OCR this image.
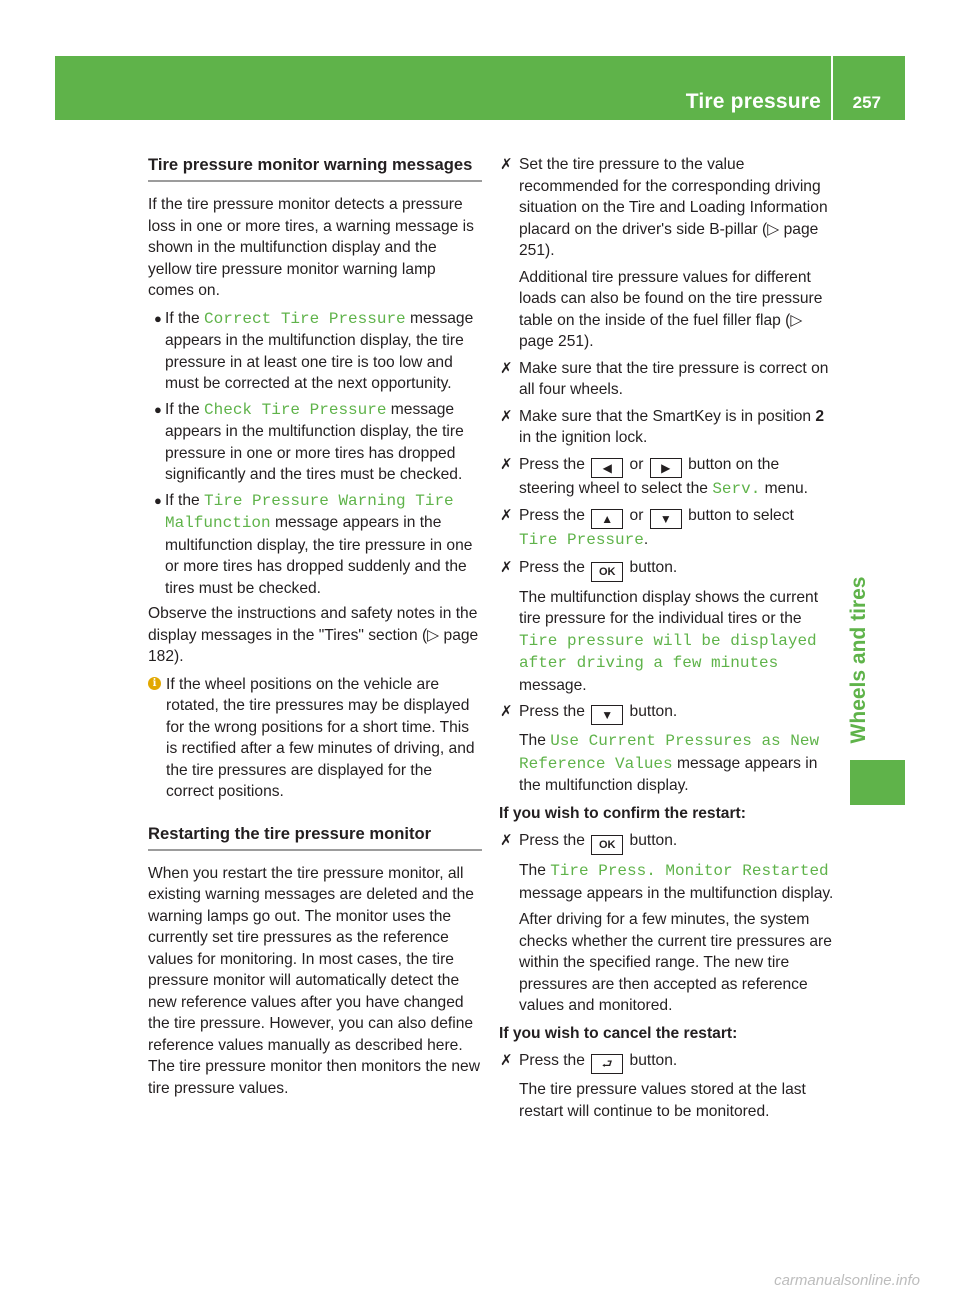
Tire pressure 257
Wheels and tires
Tire pressure monitor warning messages

If the tire pressure monitor detects a pressure loss in one or more tires, a warning message is shown in the multifunction display and the yellow tire pressure monitor warning lamp comes on.

● If the Correct Tire Pressure message appears in the multifunction display, the tire pressure in at least one tire is too low and must be corrected at the next opportunity.
● If the Check Tire Pressure message appears in the multifunction display, the tire pressure in one or more tires has dropped significantly and the tires must be checked.
● If the Tire Pressure Warning Tire Malfunction message appears in the multifunction display, the tire pressure in one or more tires has dropped suddenly and the tires must be checked.

Observe the instructions and safety notes in the display messages in the "Tires" section (▷ page 182).

i If the wheel positions on the vehicle are rotated, the tire pressures may be displayed for the wrong positions for a short time. This is rectified after a few minutes of driving, and the tire pressures are displayed for the correct positions.
Restarting the tire pressure monitor

When you restart the tire pressure monitor, all existing warning messages are deleted and the warning lamps go out. The monitor uses the currently set tire pressures as the reference values for monitoring. In most cases, the tire pressure monitor will automatically detect the new reference values after you have changed the tire pressure. However, you can also define reference values manually as described here. The tire pressure monitor then monitors the new tire pressure values.

✗ Set the tire pressure to the value recommended for the corresponding driving situation on the Tire and Loading Information placard on the driver's side B-pillar (▷ page 251).
Additional tire pressure values for different loads can also be found on the tire pressure table on the inside of the fuel filler flap (▷ page 251).
✗ Make sure that the tire pressure is correct on all four wheels.
✗ Make sure that the SmartKey is in position 2 in the ignition lock.
✗ Press the ◀ or ▶ button on the steering wheel to select the Serv. menu.
✗ Press the ▲ or ▼ button to select Tire Pressure.
✗ Press the OK button.
The multifunction display shows the current tire pressure for the individual tires or the Tire pressure will be displayed after driving a few minutes message.
✗ Press the ▼ button.
The Use Current Pressures as New Reference Values message appears in the multifunction display.

If you wish to confirm the restart:

✗ Press the OK button.
The Tire Press. Monitor Restarted message appears in the multifunction display.
After driving for a few minutes, the system checks whether the current tire pressures are within the specified range. The new tire pressures are then accepted as reference values and monitored.

If you wish to cancel the restart:

✗ Press the ⮐ button.
The tire pressure values stored at the last restart will continue to be monitored.
carmanualsonline.info
